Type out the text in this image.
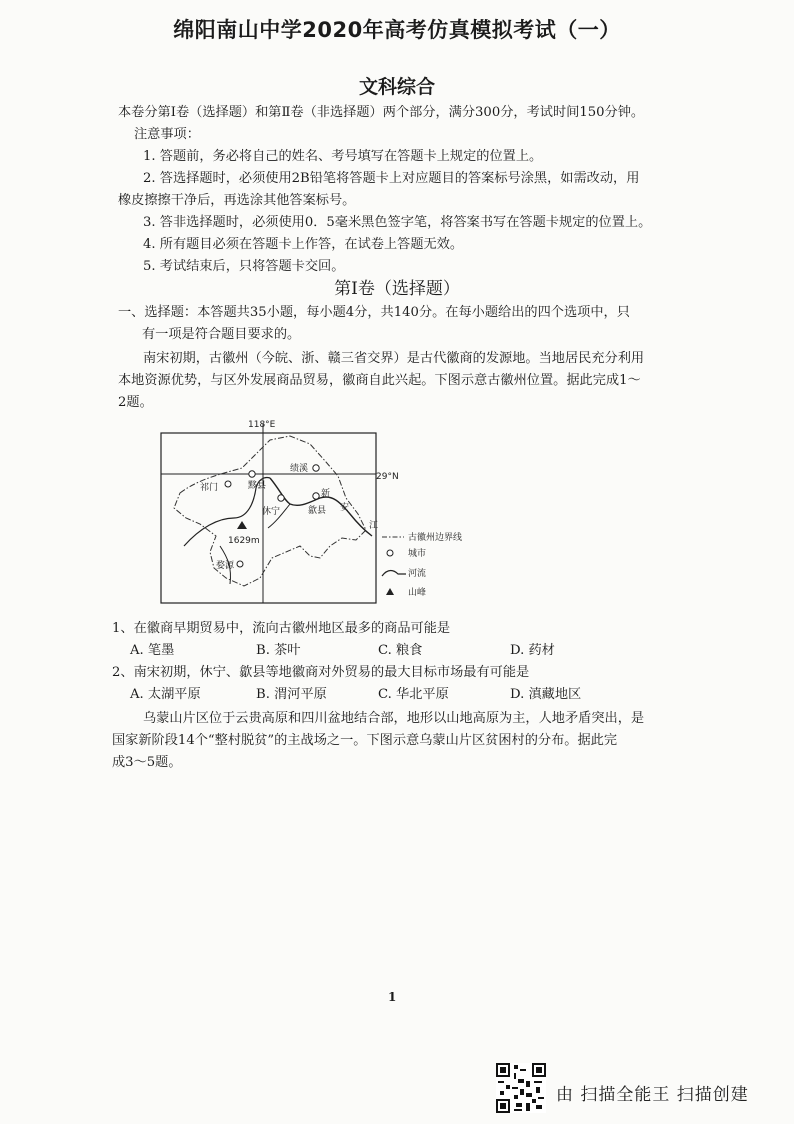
绵阳南山中学2020年高考仿真模拟考试（一）
文科综合
本卷分第Ⅰ卷（选择题）和第Ⅱ卷（非选择题）两个部分，满分300分，考试时间150分钟。
注意事项：
1. 答题前，务必将自己的姓名、考号填写在答题卡上规定的位置上。
2. 答选择题时，必须使用2B铅笔将答题卡上对应题目的答案标号涂黑，如需改动，用
橡皮擦擦干净后，再选涂其他答案标号。
3. 答非选择题时，必须使用0．5毫米黑色签字笔，将答案书写在答题卡规定的位置上。
4. 所有题目必须在答题卡上作答，在试卷上答题无效。
5. 考试结束后，只将答题卡交回。
第Ⅰ卷（选择题）
一、选择题：本答题共35小题，每小题4分，共140分。在每小题给出的四个选项中，只
有一项是符合题目要求的。
南宋初期，古徽州（今皖、浙、赣三省交界）是古代徽商的发源地。当地居民充分利用
本地资源优势，与区外发展商品贸易，徽商自此兴起。下图示意古徽州位置。据此完成1～
2题。
118°E
29°N
绩溪
黟县
祁门
休宁	歙县
婺源
新
安
江
1629m	古徽州边界线
城市
河流
山峰
1、在徽商早期贸易中，流向古徽州地区最多的商品可能是
A. 笔墨	B. 茶叶	C. 粮食	D. 药材
2、南宋初期，休宁、歙县等地徽商对外贸易的最大目标市场最有可能是
A. 太湖平原	B. 渭河平原	C. 华北平原	D. 滇藏地区
乌蒙山片区位于云贵高原和四川盆地结合部，地形以山地高原为主，人地矛盾突出，是
国家新阶段14个“整村脱贫”的主战场之一。下图示意乌蒙山片区贫困村的分布。据此完
成3～5题。
1
由 扫描全能王 扫描创建
